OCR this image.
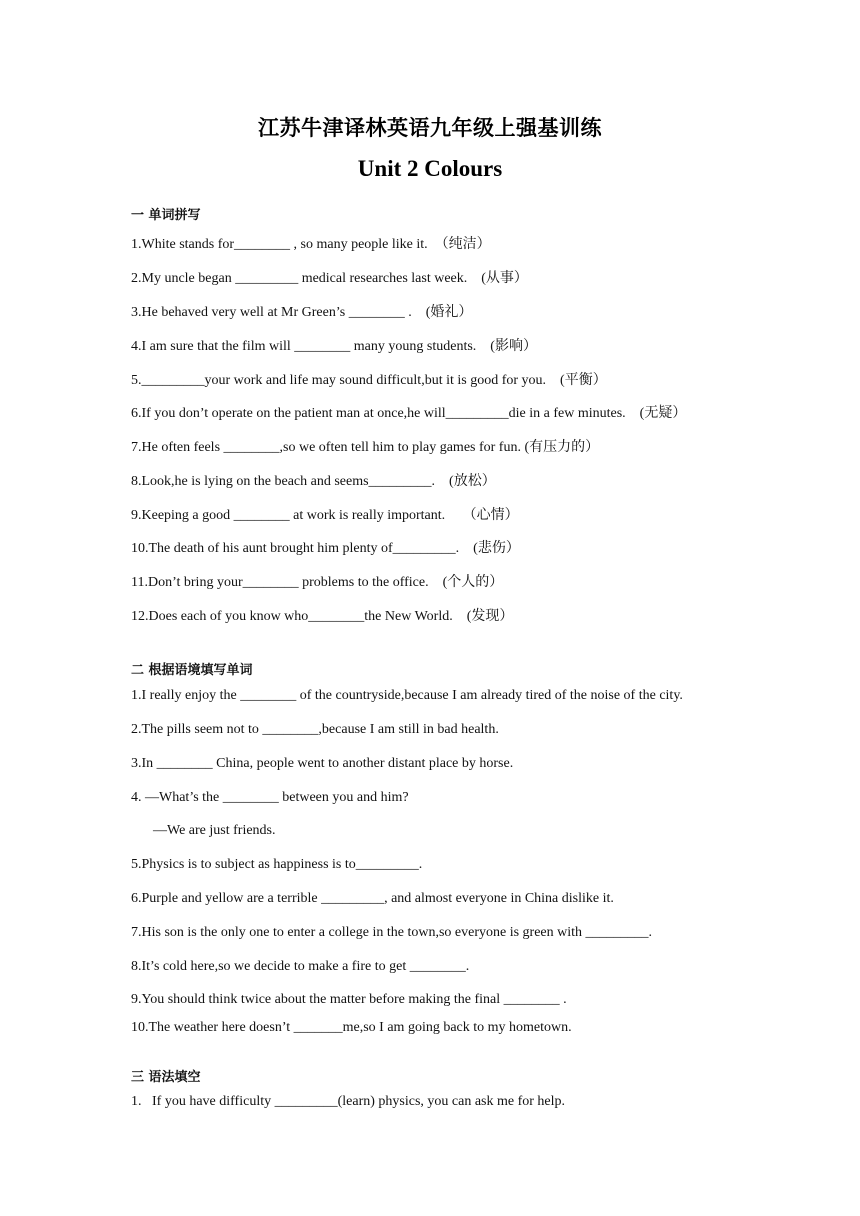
江苏牛津译林英语九年级上强基训练
Unit 2 Colours
一 单词拼写
1.White stands for________ , so many people like it.  （纯洁）
2.My uncle began _________ medical researches last week.    (从事）
3.He behaved very well at Mr Green’s ________ .    (婚礼）
4.I am sure that the film will ________ many young students.    (影响）
5._________your work and life may sound difficult,but it is good for you.    (平衡）
6.If you don’t operate on the patient man at once,he will_________die in a few minutes.    (无疑）
7.He often feels ________,so we often tell him to play games for fun. (有压力的）
8.Look,he is lying on the beach and seems_________.    (放松）
9.Keeping a good ________ at work is really important.     （心情）
10.The death of his aunt brought him plenty of_________.    (悲伤）
11.Don’t bring your________ problems to the office.    (个人的）
12.Does each of you know who________the New World.    (发现）
二 根据语境填写单词
1.I really enjoy the ________ of the countryside,because I am already tired of the noise of the city.
2.The pills seem not to ________,because I am still in bad health.
3.In ________ China, people went to another distant place by horse.
4. —What’s the ________ between you and him?
—We are just friends.
5.Physics is to subject as happiness is to_________.
6.Purple and yellow are a terrible _________, and almost everyone in China dislike it.
7.His son is the only one to enter a college in the town,so everyone is green with _________.
8.It’s cold here,so we decide to make a fire to get ________.
9.You should think twice about the matter before making the final ________ .
10.The weather here doesn’t _______me,so I am going back to my hometown.
三 语法填空
1.   If you have difficulty _________(learn) physics, you can ask me for help.
